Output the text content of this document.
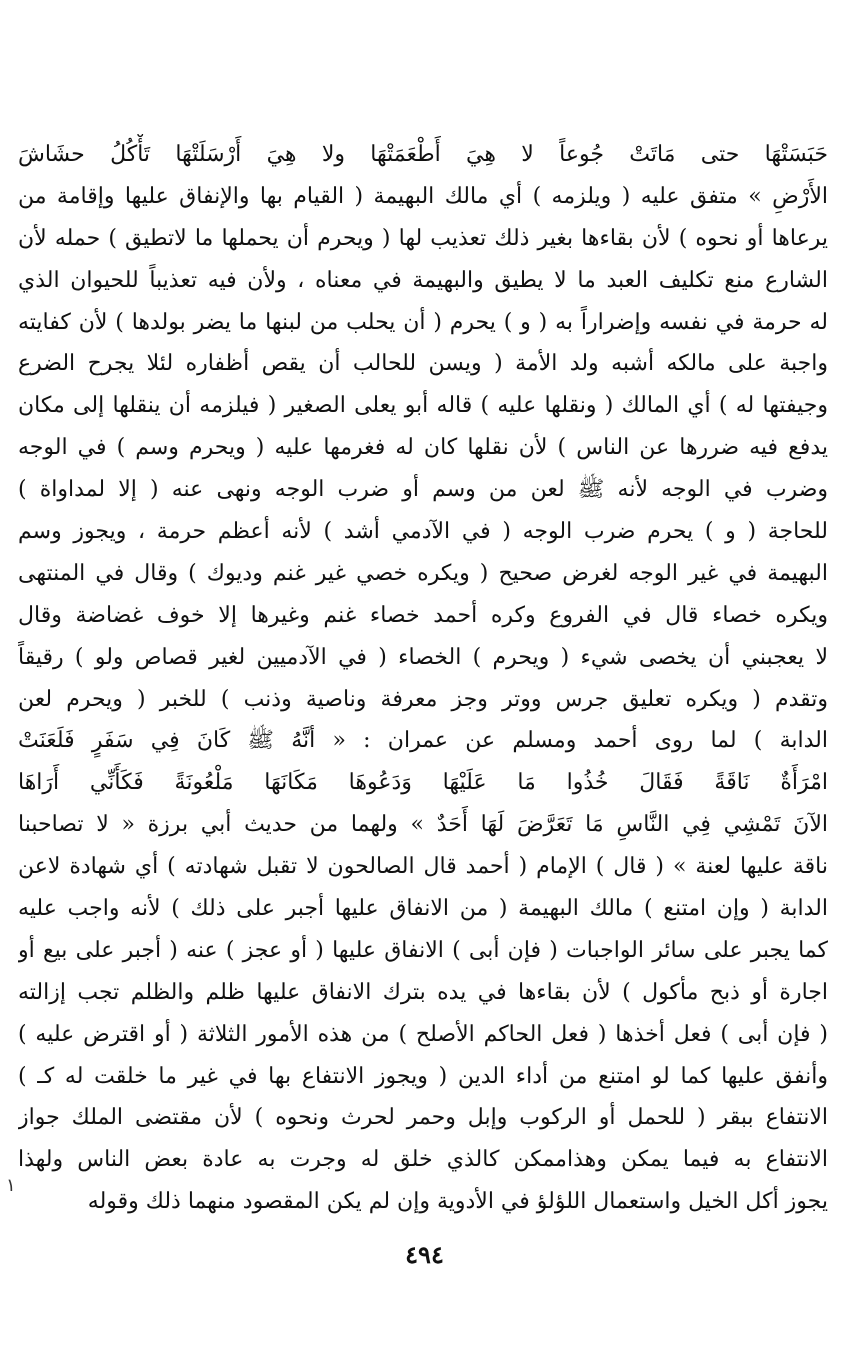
حَبَسَتْهَا حتى مَاتَتْ جُوعاً لا هِيَ أَطْعَمَتْهَا ولا هِيَ أَرْسَلَتْهَا تَأْكُلُ حشَاشَ
الأَرْضِ » متفق عليه ( ويلزمه ) أي مالك البهيمة ( القيام بها والإنفاق عليها وإقامة من
يرعاها أو نحوه ) لأن بقاءها بغير ذلك تعذيب لها ( ويحرم أن يحملها ما لاتطيق ) حمله لأن
الشارع منع تكليف العبد ما لا يطيق والبهيمة في معناه ، ولأن فيه تعذيباً للحيوان الذي
له حرمة في نفسه وإضراراً به ( و ) يحرم ( أن يحلب من لبنها ما يضر بولدها ) لأن كفايته
واجبة على مالكه أشبه ولد الأمة ( ويسن للحالب أن يقص أظفاره لئلا يجرح الضرع
وجيفتها له ) أي المالك ( ونقلها عليه ) قاله أبو يعلى الصغير ( فيلزمه أن ينقلها إلى مكان
يدفع فيه ضررها عن الناس ) لأن نقلها كان له فغرمها عليه ( ويحرم وسم ) في الوجه
وضرب في الوجه لأنه ﷺ لعن من وسم أو ضرب الوجه ونهى عنه ( إلا لمداواة )
للحاجة ( و ) يحرم ضرب الوجه ( في الآدمي أشد ) لأنه أعظم حرمة ، ويجوز وسم
البهيمة في غير الوجه لغرض صحيح ( ويكره خصي غير غنم وديوك ) وقال في المنتهى
ويكره خصاء قال في الفروع وكره أحمد خصاء غنم وغيرها إلا خوف غضاضة وقال
لا يعجبني أن يخصى شيء ( ويحرم ) الخصاء ( في الآدميين لغير قصاص ولو ) رقيقاً
وتقدم ( ويكره تعليق جرس ووتر وجز معرفة وناصية وذنب ) للخبر ( ويحرم لعن
الدابة ) لما روى أحمد ومسلم عن عمران : « أنَّهُ ﷺ كَانَ فِي سَفَرٍ فَلَعَنَتْ
امْرَأَةٌ نَاقَةً فَقَالَ خُذُوا مَا عَلَيْهَا وَدَعُوهَا مَكَانَهَا مَلْعُونَةً فَكَأَنِّي أَرَاهَا
الآنَ تَمْشِي فِي النَّاسِ مَا تَعَرَّضَ لَهَا أَحَدٌ » ولهما من حديث أبي برزة « لا تصاحبنا
ناقة عليها لعنة » ( قال ) الإمام ( أحمد قال الصالحون لا تقبل شهادته ) أي شهادة لاعن
الدابة ( وإن امتنع ) مالك البهيمة ( من الانفاق عليها أجبر على ذلك ) لأنه واجب عليه
كما يجبر على سائر الواجبات ( فإن أبى ) الانفاق عليها ( أو عجز ) عنه ( أجبر على بيع أو
اجارة أو ذبح مأكول ) لأن بقاءها في يده بترك الانفاق عليها ظلم والظلم تجب إزالته
( فإن أبى ) فعل أخذها ( فعل الحاكم الأصلح ) من هذه الأمور الثلاثة ( أو اقترض عليه )
وأنفق عليها كما لو امتنع من أداء الدين ( ويجوز الانتفاع بها في غير ما خلقت له كـ )
الانتفاع ببقر ( للحمل أو الركوب وإبل وحمر لحرث ونحوه ) لأن مقتضى الملك جواز
الانتفاع به فيما يمكن وهذاممكن كالذي خلق له وجرت به عادة بعض الناس ولهذا
يجوز أكل الخيل واستعمال اللؤلؤ في الأدوية وإن لم يكن المقصود منهما ذلك وقوله
١
٤٩٤
